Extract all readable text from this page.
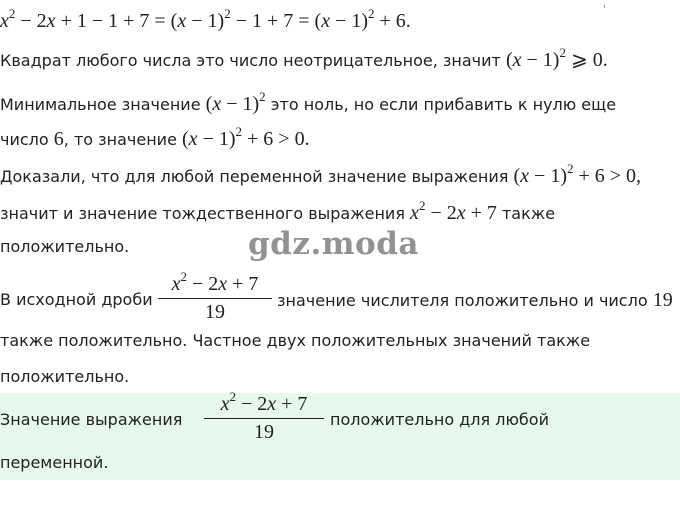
ˌ
$x^2 - 2x + 1 - 1 + 7 = (x - 1)^2 - 1 + 7 = (x - 1)^2 + 6$.
Квадрат любого числа это число неотрицательное, значит $(x - 1)^2$ ⩾ 0.
Минимальное значение $(x - 1)^2$ это ноль, но если прибавить к нулю еще
число 6, то значение $(x - 1)^2 + 6 > 0$.
Доказали, что для любой переменной значение выражения $(x - 1)^2 + 6 > 0$,
значит и значение тождественного выражения $x^2 - 2x + 7$ также
положительно.	gdz.moda
В исходной дроби
$x^2 - 2x + 7$
19
значение числителя положительно и число 19
также положительно. Частное двух положительных значений также
положительно.
Значение выражения
$x^2 - 2x + 7$
19
положительно для любой
переменной.
